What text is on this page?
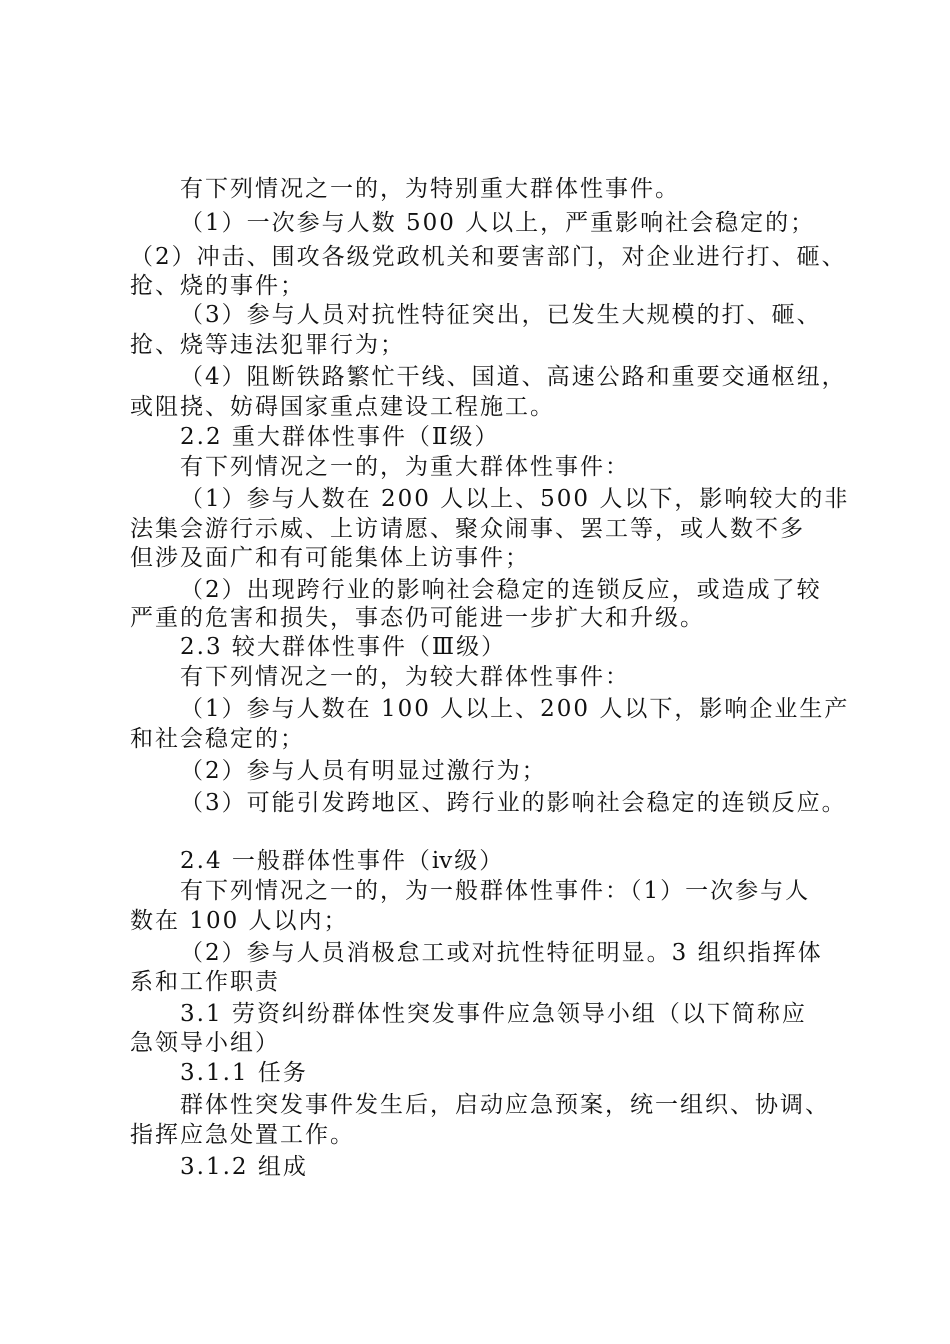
有下列情况之一的，为特别重大群体性事件。
（1）一次参与人数 500 人以上，严重影响社会稳定的；
（2）冲击、围攻各级党政机关和要害部门，对企业进行打、砸、
抢、烧的事件；
（3）参与人员对抗性特征突出，已发生大规模的打、砸、
抢、烧等违法犯罪行为；
（4）阻断铁路繁忙干线、国道、高速公路和重要交通枢纽，
或阻挠、妨碍国家重点建设工程施工。
2.2 重大群体性事件（Ⅱ级）
有下列情况之一的，为重大群体性事件：
（1）参与人数在 200 人以上、500 人以下，影响较大的非
法集会游行示威、上访请愿、聚众闹事、罢工等，或人数不多
但涉及面广和有可能集体上访事件；
（2）出现跨行业的影响社会稳定的连锁反应，或造成了较
严重的危害和损失，事态仍可能进一步扩大和升级。
2.3 较大群体性事件（Ⅲ级）
有下列情况之一的，为较大群体性事件：
（1）参与人数在 100 人以上、200 人以下，影响企业生产
和社会稳定的；
（2）参与人员有明显过激行为；
（3）可能引发跨地区、跨行业的影响社会稳定的连锁反应。
2.4 一般群体性事件（ⅳ级）
有下列情况之一的，为一般群体性事件：（1）一次参与人
数在 100 人以内；
（2）参与人员消极怠工或对抗性特征明显。3 组织指挥体
系和工作职责
3.1 劳资纠纷群体性突发事件应急领导小组（以下简称应
急领导小组）
3.1.1 任务
群体性突发事件发生后，启动应急预案，统一组织、协调、
指挥应急处置工作。
3.1.2 组成
